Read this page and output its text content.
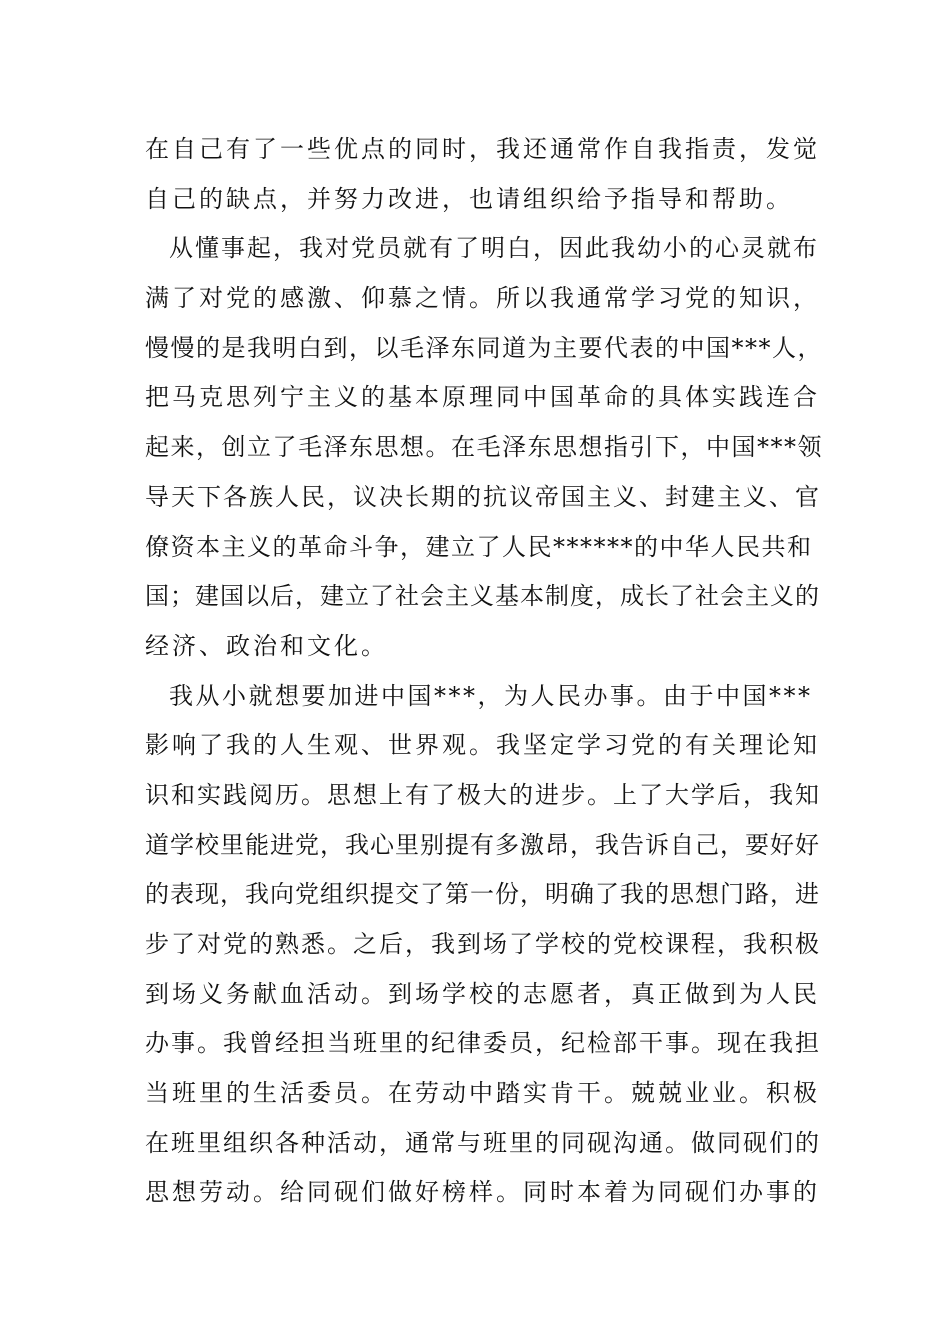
在自己有了一些优点的同时，我还通常作自我指责，发觉
自己的缺点，并努力改进，也请组织给予指导和帮助。
从懂事起，我对党员就有了明白，因此我幼小的心灵就布
满了对党的感激、仰慕之情。所以我通常学习党的知识，
慢慢的是我明白到，以毛泽东同道为主要代表的中国***人，
把马克思列宁主义的基本原理同中国革命的具体实践连合
起来，创立了毛泽东思想。在毛泽东思想指引下，中国***领
导天下各族人民，议决长期的抗议帝国主义、封建主义、官
僚资本主义的革命斗争，建立了人民******的中华人民共和
国；建国以后，建立了社会主义基本制度，成长了社会主义的
经济、政治和文化。
我从小就想要加进中国***，为人民办事。由于中国***
影响了我的人生观、世界观。我坚定学习党的有关理论知
识和实践阅历。思想上有了极大的进步。上了大学后，我知
道学校里能进党，我心里别提有多激昂，我告诉自己，要好好
的表现，我向党组织提交了第一份，明确了我的思想门路，进
步了对党的熟悉。之后，我到场了学校的党校课程，我积极
到场义务献血活动。到场学校的志愿者，真正做到为人民
办事。我曾经担当班里的纪律委员，纪检部干事。现在我担
当班里的生活委员。在劳动中踏实肯干。兢兢业业。积极
在班里组织各种活动，通常与班里的同砚沟通。做同砚们的
思想劳动。给同砚们做好榜样。同时本着为同砚们办事的
